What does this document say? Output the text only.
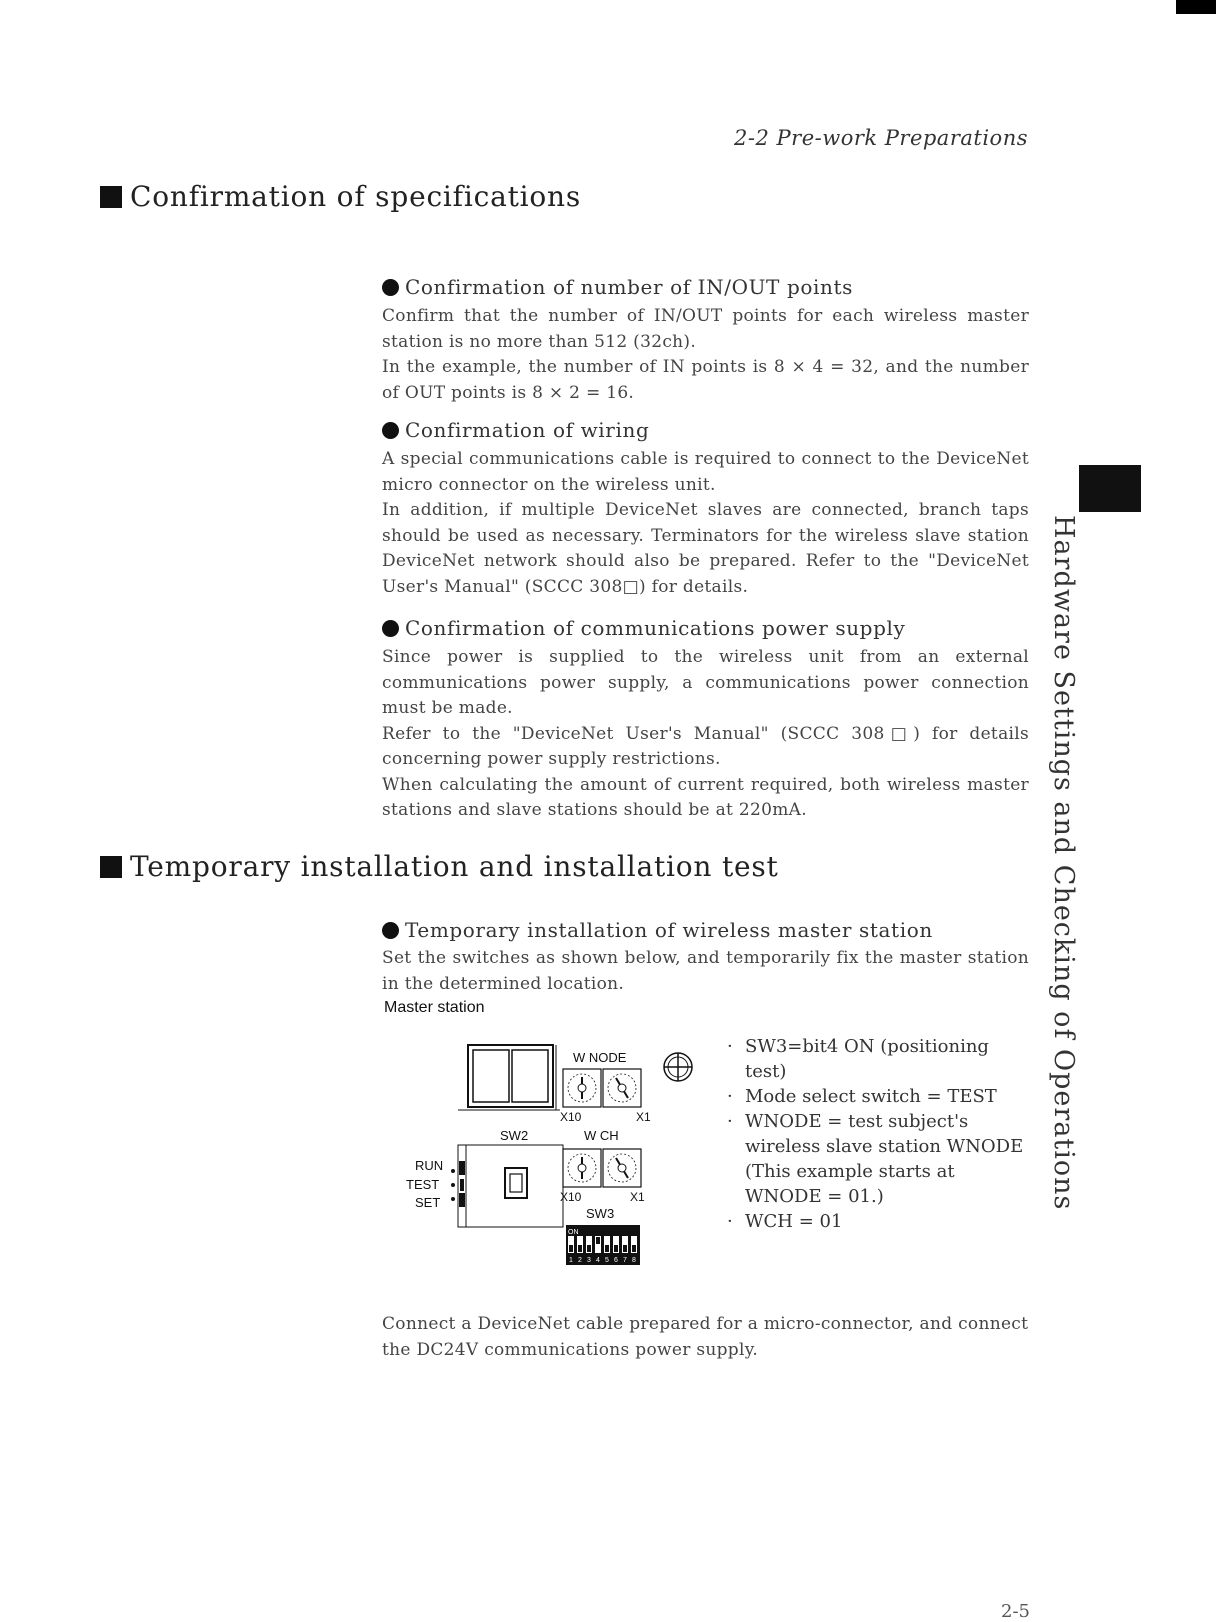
2-2 Pre-work Preparations
Confirmation of specifications
Confirmation of number of IN/OUT points

Confirm that the number of IN/OUT points for each wireless master station is no more than 512 (32ch).

In the example, the number of IN points is 8 × 4 = 32, and the number of OUT points is 8 × 2 = 16.

Confirmation of wiring

A special communications cable is required to connect to the DeviceNet micro connector on the wireless unit.

In addition, if multiple DeviceNet slaves are connected, branch taps should be used as necessary. Terminators for the wireless slave station DeviceNet network should also be prepared. Refer to the "DeviceNet User's Manual" (SCCC 308□) for details.

Confirmation of communications power supply

Since power is supplied to the wireless unit from an external communications power supply, a communications power connection must be made.

Refer to the "DeviceNet User's Manual" (SCCC 308□) for details concerning power supply restrictions.

When calculating the amount of current required, both wireless master stations and slave stations should be at 220mA.

Temporary installation and installation test
Temporary installation of wireless master station

Set the switches as shown below, and temporarily fix the master station in the determined location.

Master station
W NODE
X10	X1
SW2	W CH
RUN
TEST
SET	X10	X1
SW3
ON
1 2 3 4 5 6 7 8
· SW3=bit4 ON (positioning test)
· Mode select switch = TEST
· WNODE = test subject's wireless slave station WNODE (This example starts at WNODE = 01.)
· WCH = 01

Connect a DeviceNet cable prepared for a micro-connector, and connect the DC24V communications power supply.

Hardware Settings and Checking of Operations
2-5
